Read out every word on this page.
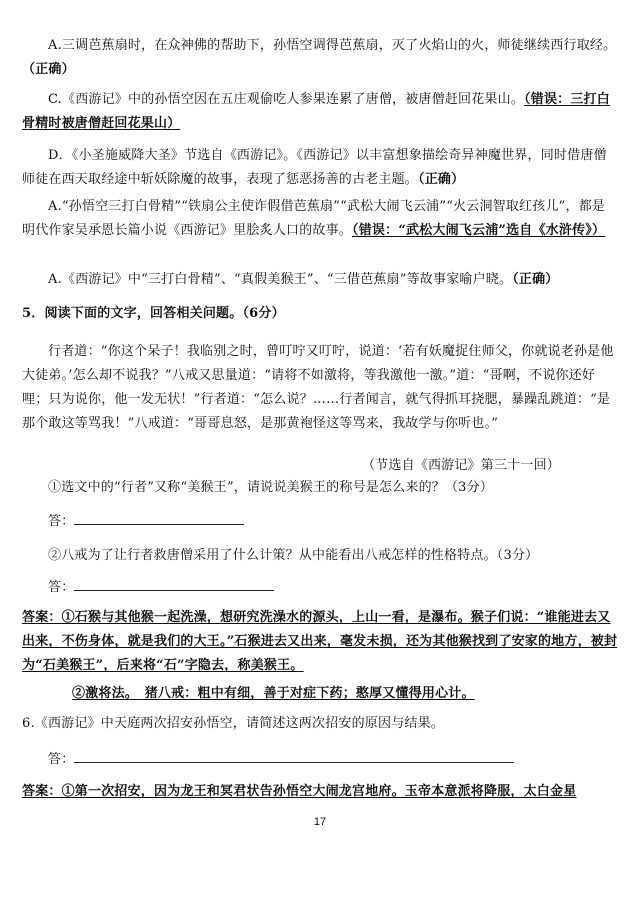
A.三调芭蕉扇时，在众神佛的帮助下，孙悟空调得芭蕉扇，灭了火焰山的火，师徒继续西行取经。（正确）
C.《西游记》中的孙悟空因在五庄观偷吃人参果连累了唐僧，被唐僧赶回花果山。（错误：三打白骨精时被唐僧赶回花果山）
D．《小圣施威降大圣》节选自《西游记》。《西游记》以丰富想象描绘奇异神魔世界，同时借唐僧师徒在西天取经途中斩妖除魔的故事，表现了惩恶扬善的古老主题。（正确）
A.“孙悟空三打白骨精”“铁扇公主使诈假借芭蕉扇”“武松大闹飞云浦”“火云洞智取红孩儿”，都是明代作家吴承恩长篇小说《西游记》里脍炙人口的故事。（错误：“武松大闹飞云浦”选自《水浒传》）
A.《西游记》中“三打白骨精”、“真假美猴王”、“三借芭蕉扇”等故事家喻户晓。（正确）
5．阅读下面的文字，回答相关问题。（6分）
行者道：“你这个呆子！我临别之时，曾叮咛又叮咛，说道：‘若有妖魔捉住师父，你就说老孙是他大徒弟。’怎么却不说我？”八戒又思量道：“请将不如激将，等我激他一激。”道：“哥啊，不说你还好哩；只为说你，他一发无状！”行者道：“怎么说？……行者闻言，就气得抓耳挠腮，暴躁乱跳道：“是那个敢这等骂我！”八戒道：“哥哥息怒，是那黄袍怪这等骂来，我故学与你听也。”
（节选自《西游记》第三十一回）
①选文中的“行者”又称“美猴王”，请说说美猴王的称号是怎么来的？（3分）
答：
②八戒为了让行者救唐僧采用了什么计策？从中能看出八戒怎样的性格特点。（3分）
答：
答案：①石猴与其他猴一起洗澡，想研究洗澡水的源头，上山一看，是瀑布。猴子们说：“谁能进去又出来，不伤身体，就是我们的大王。”石猴进去又出来，毫发未损，还为其他猴找到了安家的地方，被封为“石美猴王”，后来将“石”字隐去，称美猴王。
②激将法。　猪八戒：粗中有细，善于对症下药；憨厚又懂得用心计。
6.《西游记》中天庭两次招安孙悟空，请简述这两次招安的原因与结果。
答：
答案：①第一次招安，因为龙王和冥君状告孙悟空大闹龙宫地府。玉帝本意派将降服，太白金星
17
